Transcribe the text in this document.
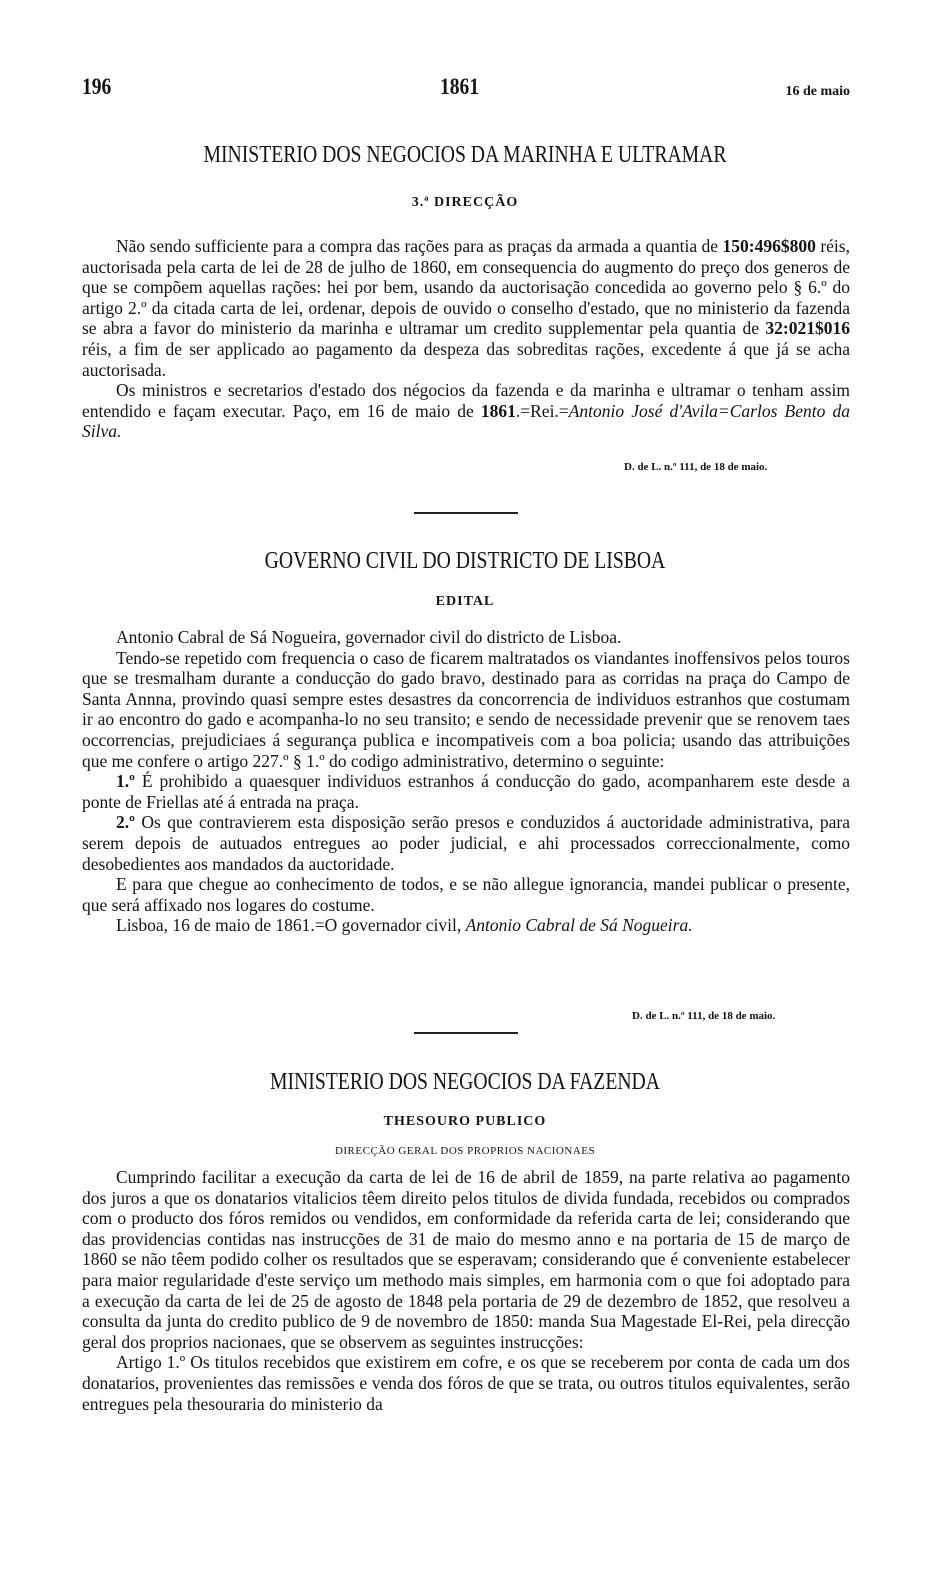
196	1861	16 de maio
MINISTERIO DOS NEGOCIOS DA MARINHA E ULTRAMAR
3.ª DIRECÇÃO

Não sendo sufficiente para a compra das rações para as praças da armada a quantia de 150:496$800 réis, auctorisada pela carta de lei de 28 de julho de 1860, em consequencia do augmento do preço dos generos de que se compõem aquellas rações: hei por bem, usando da auctorisação concedida ao governo pelo § 6.º do artigo 2.º da citada carta de lei, ordenar, depois de ouvido o conselho d'estado, que no ministerio da fazenda se abra a favor do ministerio da marinha e ultramar um credito supplementar pela quantia de 32:021$016 réis, a fim de ser applicado ao pagamento da despeza das sobreditas rações, excedente á que já se acha auctorisada.

Os ministros e secretarios d'estado dos négocios da fazenda e da marinha e ultramar o tenham assim entendido e façam executar. Paço, em 16 de maio de 1861.=Rei.=Antonio José d'Avila=Carlos Bento da Silva.

D. de L. n.º 111, de 18 de maio.
GOVERNO CIVIL DO DISTRICTO DE LISBOA
EDITAL

Antonio Cabral de Sá Nogueira, governador civil do districto de Lisboa.

Tendo-se repetido com frequencia o caso de ficarem maltratados os viandantes inoffensivos pelos touros que se tresmalham durante a conducção do gado bravo, destinado para as corridas na praça do Campo de Santa Annna, provindo quasi sempre estes desastres da concorrencia de individuos estranhos que costumam ir ao encontro do gado e acompanha-lo no seu transito; e sendo de necessidade prevenir que se renovem taes occorrencias, prejudiciaes á segurança publica e incompativeis com a boa policia; usando das attribuições que me confere o artigo 227.º § 1.º do codigo administrativo, determino o seguinte:

1.º É prohibido a quaesquer individuos estranhos á conducção do gado, acompanharem este desde a ponte de Friellas até á entrada na praça.

2.º Os que contravierem esta disposição serão presos e conduzidos á auctoridade administrativa, para serem depois de autuados entregues ao poder judicial, e ahi processados correccionalmente, como desobedientes aos mandados da auctoridade.

E para que chegue ao conhecimento de todos, e se não allegue ignorancia, mandei publicar o presente, que será affixado nos logares do costume.

Lisboa, 16 de maio de 1861.=O governador civil, Antonio Cabral de Sá Nogueira.

D. de L. n.º 111, de 18 de maio.
MINISTERIO DOS NEGOCIOS DA FAZENDA
THESOURO PUBLICO
DIRECÇÃO GERAL DOS PROPRIOS NACIONAES

Cumprindo facilitar a execução da carta de lei de 16 de abril de 1859, na parte relativa ao pagamento dos juros a que os donatarios vitalicios têem direito pelos titulos de divida fundada, recebidos ou comprados com o producto dos fóros remidos ou vendidos, em conformidade da referida carta de lei; considerando que das providencias contidas nas instrucções de 31 de maio do mesmo anno e na portaria de 15 de março de 1860 se não têem podido colher os resultados que se esperavam; considerando que é conveniente estabelecer para maior regularidade d'este serviço um methodo mais simples, em harmonia com o que foi adoptado para a execução da carta de lei de 25 de agosto de 1848 pela portaria de 29 de dezembro de 1852, que resolveu a consulta da junta do credito publico de 9 de novembro de 1850: manda Sua Magestade El-Rei, pela direcção geral dos proprios nacionaes, que se observem as seguintes instrucções:

Artigo 1.º Os titulos recebidos que existirem em cofre, e os que se receberem por conta de cada um dos donatarios, provenientes das remissões e venda dos fóros de que se trata, ou outros titulos equivalentes, serão entregues pela thesouraria do ministerio da
